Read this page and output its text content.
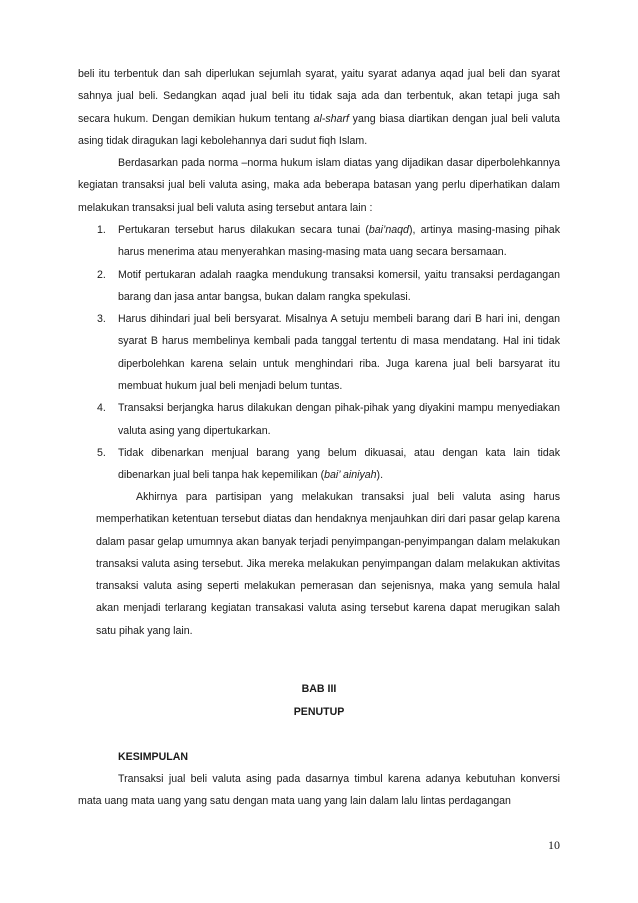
beli itu terbentuk dan sah diperlukan sejumlah syarat, yaitu syarat adanya aqad jual beli dan syarat sahnya jual beli. Sedangkan aqad jual beli itu tidak saja ada dan terbentuk, akan tetapi juga sah secara hukum. Dengan demikian hukum tentang al-sharf yang biasa diartikan dengan jual beli valuta asing tidak diragukan lagi kebolehannya dari sudut fiqh Islam.

Berdasarkan pada norma –norma hukum islam diatas yang dijadikan dasar diperbolehkannya kegiatan transaksi jual beli valuta asing, maka ada beberapa batasan yang perlu diperhatikan dalam melakukan transaksi jual beli valuta asing tersebut antara lain :

1. Pertukaran tersebut harus dilakukan secara tunai (bai’naqd), artinya masing-masing pihak harus menerima atau menyerahkan masing-masing mata uang secara bersamaan.
2. Motif pertukaran adalah raagka mendukung transaksi komersil, yaitu transaksi perdagangan barang dan jasa antar bangsa, bukan dalam rangka spekulasi.
3. Harus dihindari jual beli bersyarat. Misalnya A setuju membeli barang dari B hari ini, dengan syarat B harus membelinya kembali pada tanggal tertentu di masa mendatang. Hal ini tidak diperbolehkan karena selain untuk menghindari riba. Juga karena jual beli barsyarat itu membuat hukum jual beli menjadi belum tuntas.
4. Transaksi berjangka harus dilakukan dengan pihak-pihak yang diyakini mampu menyediakan valuta asing yang dipertukarkan.
5. Tidak dibenarkan menjual barang yang belum dikuasai, atau dengan kata lain tidak dibenarkan jual beli tanpa hak kepemilikan (bai’ ainiyah).

Akhirnya para partisipan yang melakukan transaksi jual beli valuta asing harus memperhatikan ketentuan tersebut diatas dan hendaknya menjauhkan diri dari pasar gelap karena dalam pasar gelap umumnya akan banyak terjadi penyimpangan-penyimpangan dalam melakukan transaksi valuta asing tersebut. Jika mereka melakukan penyimpangan dalam melakukan aktivitas transaksi valuta asing seperti melakukan pemerasan dan sejenisnya, maka yang semula halal akan menjadi terlarang kegiatan transakasi valuta asing tersebut karena dapat merugikan salah satu pihak yang lain.

BAB III
PENUTUP
KESIMPULAN

Transaksi jual beli valuta asing pada dasarnya timbul karena adanya kebutuhan konversi mata uang mata uang yang satu dengan mata uang yang lain dalam lalu lintas perdagangan

10
